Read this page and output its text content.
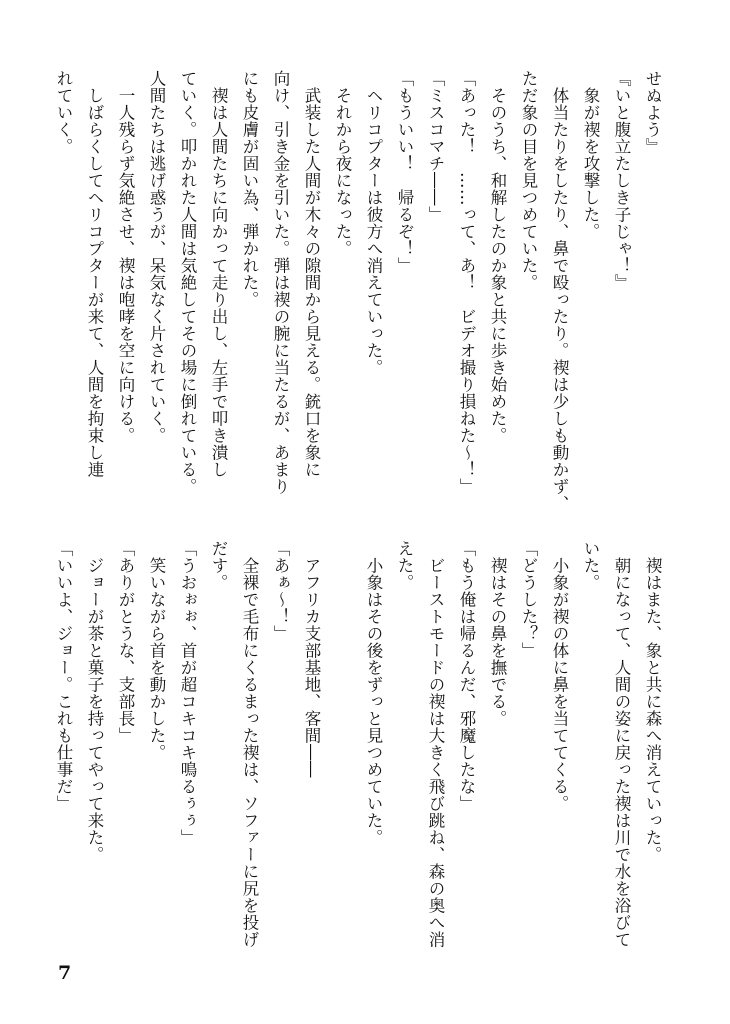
せぬよう』
『いと腹立たしき子じゃ！』
　象が禊を攻撃した。
　体当たりをしたり、鼻で殴ったり。禊は少しも動かず、
ただ象の目を見つめていた。
　そのうち、和解したのか象と共に歩き始めた。
「あった！　……って、あ！　ビデオ撮り損ねた～！」
「ミスコマチ――」
「もういい！　帰るぞ！」
　ヘリコプターは彼方へ消えていった。
　それから夜になった。
　武装した人間が木々の隙間から見える。銃口を象に
向け、引き金を引いた。弾は禊の腕に当たるが、あまり
にも皮膚が固い為、弾かれた。
　禊は人間たちに向かって走り出し、左手で叩き潰し
ていく。叩かれた人間は気絶してその場に倒れている。
人間たちは逃げ惑うが、呆気なく片されていく。
　一人残らず気絶させ、禊は咆哮を空に向ける。
　しばらくしてヘリコプターが来て、人間を拘束し連
れていく。
　禊はまた、象と共に森へ消えていった。
　朝になって、人間の姿に戻った禊は川で水を浴びて
いた。
　小象が禊の体に鼻を当ててくる。
「どうした？」
　禊はその鼻を撫でる。
「もう俺は帰るんだ、邪魔したな」
　ビーストモードの禊は大きく飛び跳ね、森の奥へ消
えた。
　小象はその後をずっと見つめていた。
　アフリカ支部基地、客間――
「あぁ～！」
　全裸で毛布にくるまった禊は、ソファーに尻を投げ
だす。
「うおぉぉ、首が超コキコキ鳴るぅぅ」
　笑いながら首を動かした。
「ありがとうな、支部長」
　ジョーが茶と菓子を持ってやって来た。
「いいよ、ジョー。これも仕事だ」
7
